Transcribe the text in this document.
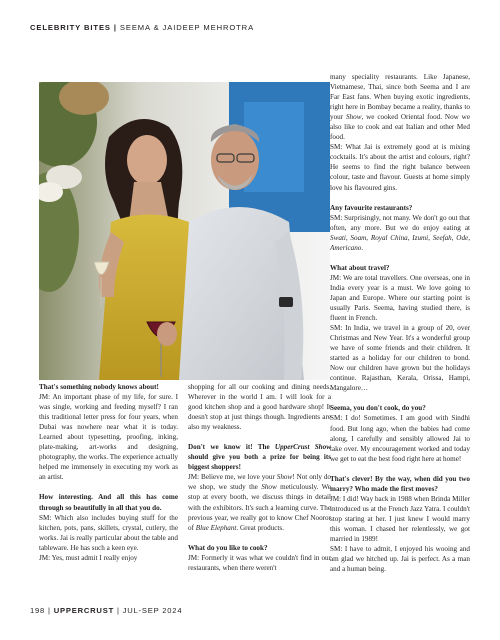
CELEBRITY BITES | SEEMA & JAIDEEP MEHROTRA

That's something nobody knows about!

JM: An important phase of my life, for sure. I was single, working and feeding myself? I ran this traditional letter press for four years, when Dubai was nowhere near what it is today. Learned about typesetting, proofing, inking, plate-making, art-works and designing, photography, the works. The experience actually helped me immensely in executing my work as an artist.

How interesting. And all this has come through so beautifully in all that you do.

SM: Which also includes buying stuff for the kitchen, pots, pans, skillets, crystal, cutlery, the works. Jai is really particular about the table and tableware. He has such a keen eye.

JM: Yes, must admit I really enjoy

shopping for all our cooking and dining needs. Wherever in the world I am. I will look for a good kitchen shop and a good hardware shop! It doesn't stop at just things though. Ingredients are also my weakness.

Don't we know it! The UpperCrust Show should give you both a prize for being its biggest shoppers!

JM: Believe me, we love your Show! Not only do we shop, we study the Show meticulously. We stop at every booth, we discuss things in detail with the exhibitors. It's such a learning curve. The previous year, we really got to know Chef Nooror of Blue Elephant. Great products.

What do you like to cook?

JM: Formerly it was what we couldn't find in our restaurants, when there weren't

many speciality restaurants. Like Japanese, Vietnamese, Thai, since both Seema and I are Far East fans. When buying exotic ingredients, right here in Bombay became a reality, thanks to your Show, we cooked Oriental food. Now we also like to cook and eat Italian and other Med food.

SM: What Jai is extremely good at is mixing cocktails. It's about the artist and colours, right? He seems to find the right balance between colour, taste and flavour. Guests at home simply love his flavoured gins.

Any favourite restaurants?

SM: Surprisingly, not many. We don't go out that often, any more. But we do enjoy eating at Swati, Soam, Royal China, Izumi, Seefah, Ode, Americano.

What about travel?

JM: We are total travellers. One overseas, one in India every year is a must. We love going to Japan and Europe. Where our starting point is usually Paris. Seema, having studied there, is fluent in French.

SM: In India, we travel in a group of 20, over Christmas and New Year. It's a wonderful group we have of some friends and their children. It started as a holiday for our children to bond. Now our children have grown but the holidays continue. Rajasthan, Kerala, Orissa, Hampi, Mangalore…

Seema, you don't cook, do you?

SM: I do! Sometimes. I am good with Sindhi food. But long ago, when the babies had come along, I carefully and sensibly allowed Jai to take over. My encouragement worked and today we get to eat the best food right here at home!

That's clever! By the way, when did you two marry? Who made the first moves?

JM: I did! Way back in 1988 when Brinda Miller introduced us at the French Jazz Yatra. I couldn't stop staring at her. I just knew I would marry this woman. I chased her relentlessly, we got married in 1989!

SM: I have to admit, I enjoyed his wooing and am glad we hitched up. Jai is perfect. As a man and a human being.

198 | UPPERCRUST | JUL-SEP 2024
